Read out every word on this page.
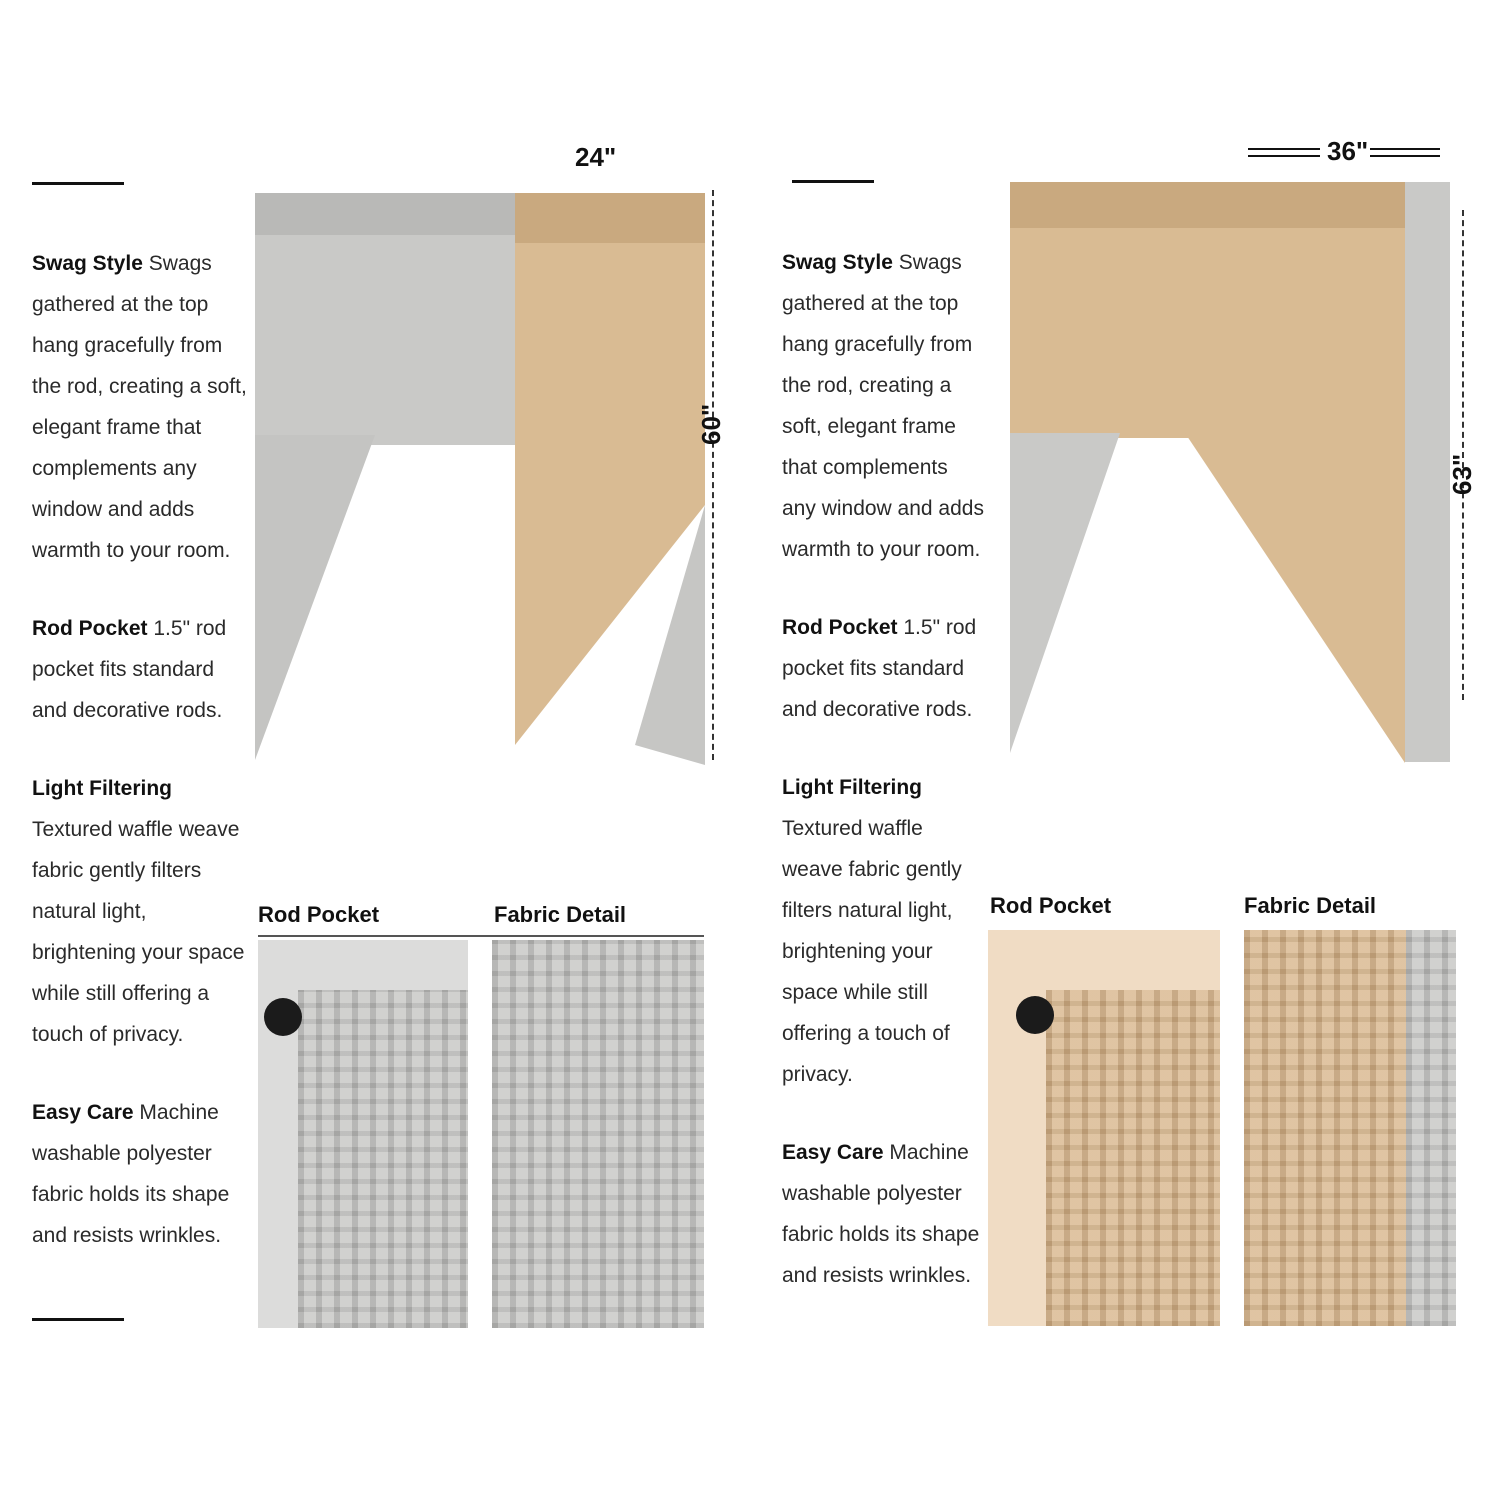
Swag Style Swags gathered at the top hang gracefully from the rod, creating a soft, elegant frame that complements any window and adds warmth to your room.
Rod Pocket 1.5" rod pocket fits standard and decorative rods.
Light Filtering Textured waffle weave fabric gently filters natural light, brightening your space while still offering a touch of privacy.
Easy Care Machine washable polyester fabric holds its shape and resists wrinkles.
24"
60"
Rod Pocket	Fabric Detail
Swag Style Swags gathered at the top hang gracefully from the rod, creating a soft, elegant frame that complements any window and adds warmth to your room.
Rod Pocket 1.5" rod pocket fits standard and decorative rods.
Light Filtering Textured waffle weave fabric gently filters natural light, brightening your space while still offering a touch of privacy.
Easy Care Machine washable polyester fabric holds its shape and resists wrinkles.
36"
63"
Rod Pocket	Fabric Detail
